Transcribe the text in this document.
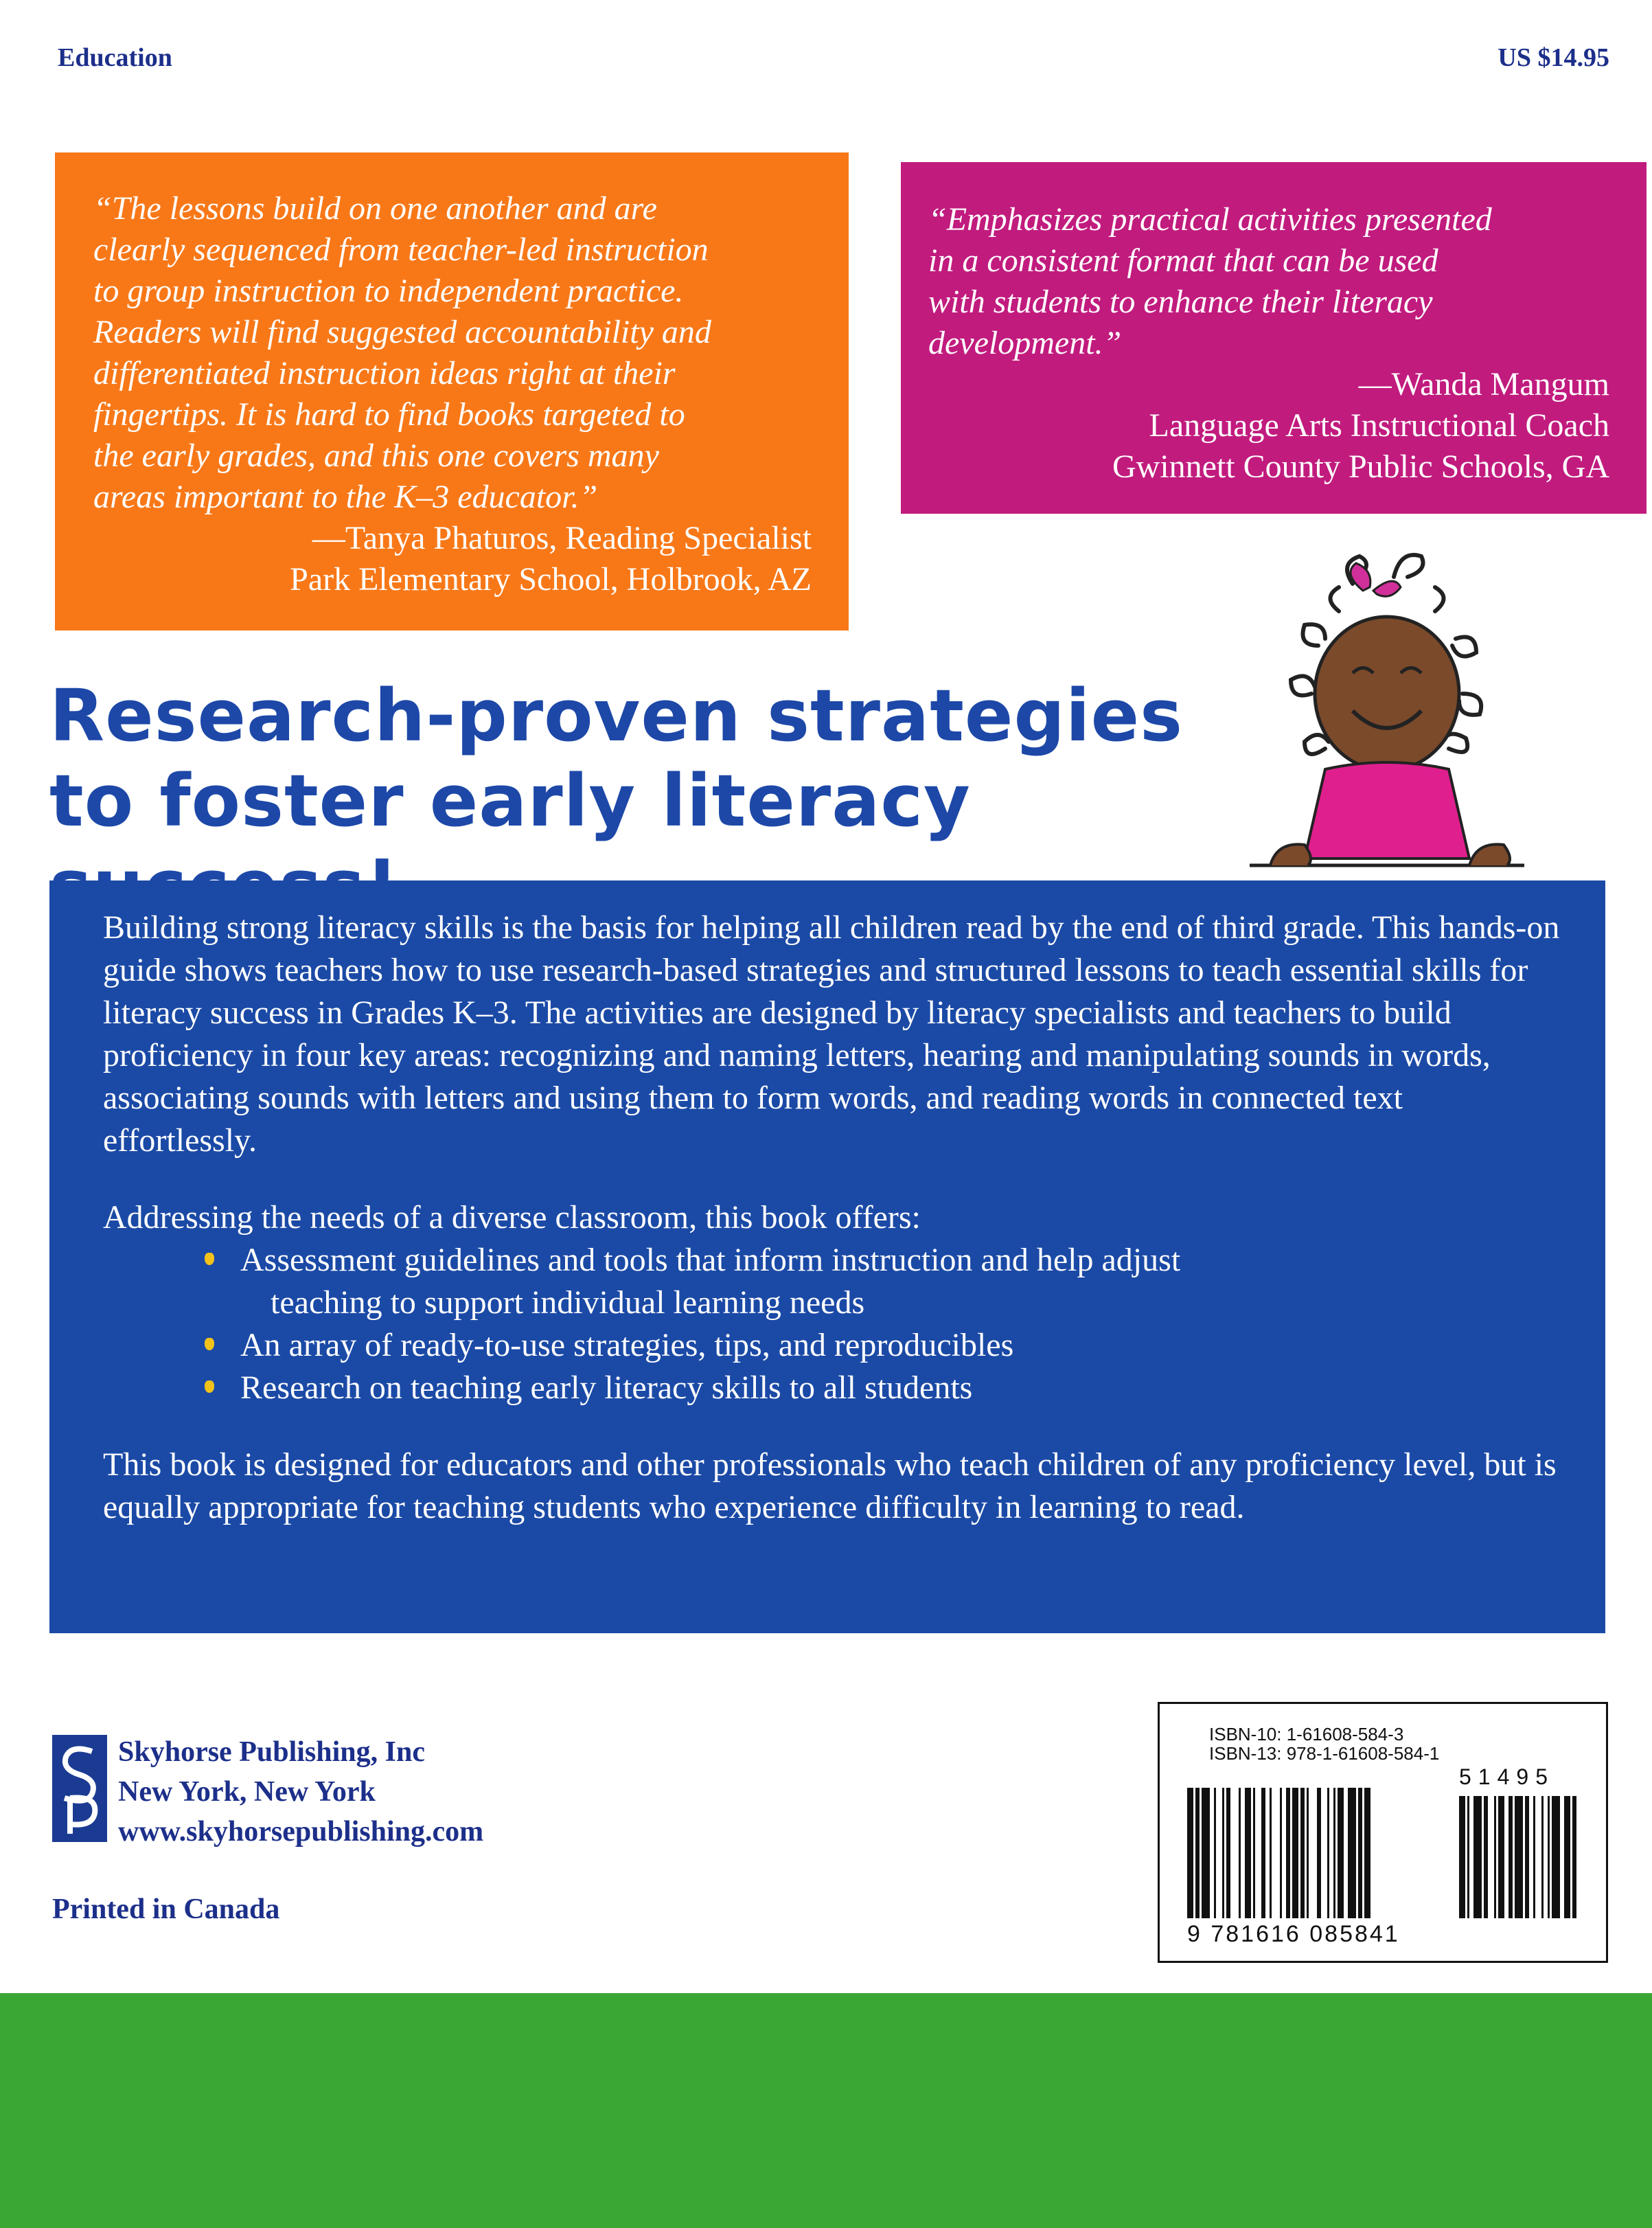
Education	US $14.95

“The lessons build on one another and are
clearly sequenced from teacher-led instruction
to group instruction to independent practice.
Readers will find suggested accountability and
differentiated instruction ideas right at their
fingertips. It is hard to find books targeted to
the early grades, and this one covers many
areas important to the K–3 educator.”

—Tanya Phaturos, Reading Specialist
Park Elementary School, Holbrook, AZ

“Emphasizes practical activities presented
in a consistent format that can be used
with students to enhance their literacy
development.”

—Wanda Mangum
Language Arts Instructional Coach
Gwinnett County Public Schools, GA

Research-proven strategies
to foster early literacy

Building strong literacy skills is the basis for helping all children read by the end of third grade. This hands-on guide shows teachers how to use research-based strategies and structured lessons to teach essential skills for literacy success in Grades K–3. The activities are designed by literacy specialists and teachers to build proficiency in four key areas: recognizing and naming letters, hearing and manipulating sounds in words, associating sounds with letters and using them to form words, and reading words in connected text effortlessly.

Addressing the needs of a diverse classroom, this book offers:

Assessment guidelines and tools that inform instruction and help adjust
teaching to support individual learning needs
An array of ready-to-use strategies, tips, and reproducibles
Research on teaching early literacy skills to all students

This book is designed for educators and other professionals who teach children of any proficiency level, but is equally appropriate for teaching students who experience difficulty in learning to read.

Skyhorse Publishing, Inc
New York, New York
www.skyhorsepublishing.com
Printed in Canada
ISBN-10: 1-61608-584-3
ISBN-13: 978-1-61608-584-1
51495
9 781616 085841
